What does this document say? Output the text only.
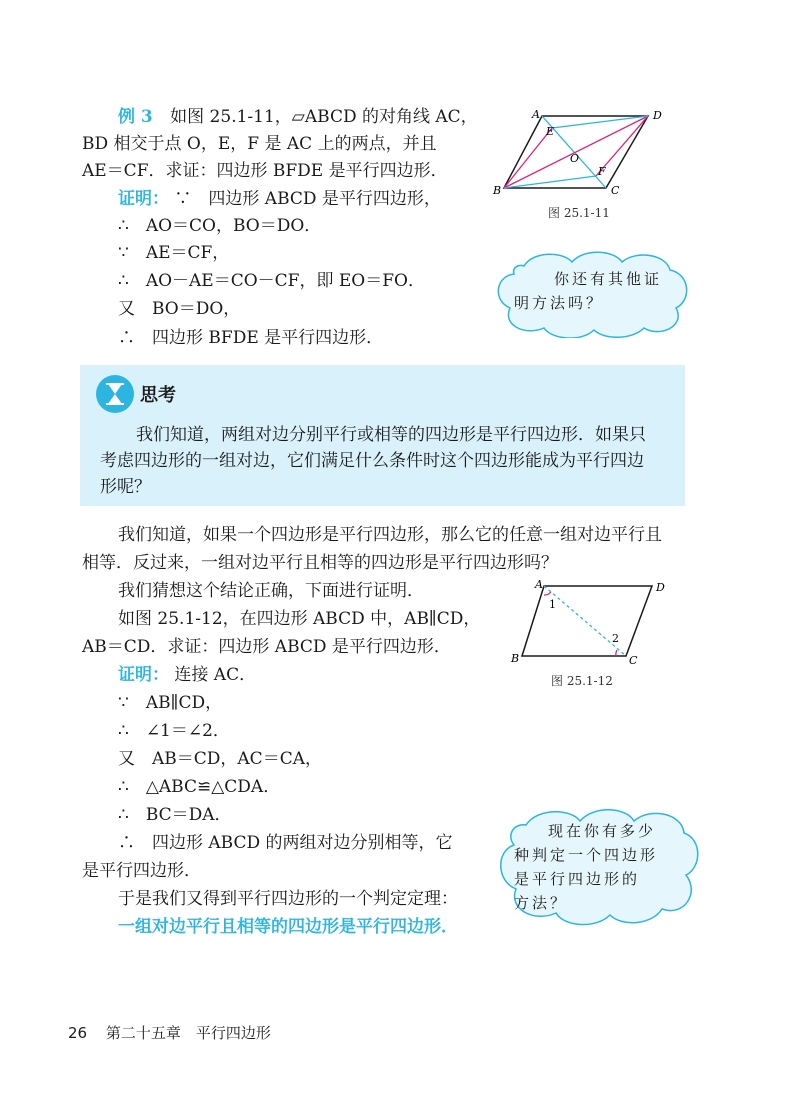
例 3 如图 25.1-11，▱ABCD 的对角线 AC，
BD 相交于点 O，E，F 是 AC 上的两点，并且
AE＝CF．求证：四边形 BFDE 是平行四边形．
证明： ∵　四边形 ABCD 是平行四边形，
∴　AO＝CO，BO＝DO．
∵　AE＝CF，
∴　AO－AE＝CO－CF，即 EO＝FO．
又　BO＝DO，
∴　四边形 BFDE 是平行四边形．
A	D
B	C
E
F
O
图 25.1-11
你还有其他证
明方法吗？
思考
我们知道，两组对边分别平行或相等的四边形是平行四边形．如果只
考虑四边形的一组对边，它们满足什么条件时这个四边形能成为平行四边
形呢？
我们知道，如果一个四边形是平行四边形，那么它的任意一组对边平行且
相等．反过来，一组对边平行且相等的四边形是平行四边形吗？
我们猜想这个结论正确，下面进行证明．
如图 25.1-12，在四边形 ABCD 中，AB∥CD，
AB＝CD．求证：四边形 ABCD 是平行四边形．
证明： 连接 AC．
∵　AB∥CD，
∴　∠1＝∠2．
又　AB＝CD，AC＝CA，
∴　△ABC≌△CDA．
∴　BC＝DA．
∴　四边形 ABCD 的两组对边分别相等，它
是平行四边形．
A	D
B	C
1
2
图 25.1-12
现在你有多少
种判定一个四边形
是平行四边形的
方法？
于是我们又得到平行四边形的一个判定定理：
一组对边平行且相等的四边形是平行四边形．
26 第二十五章　平行四边形
